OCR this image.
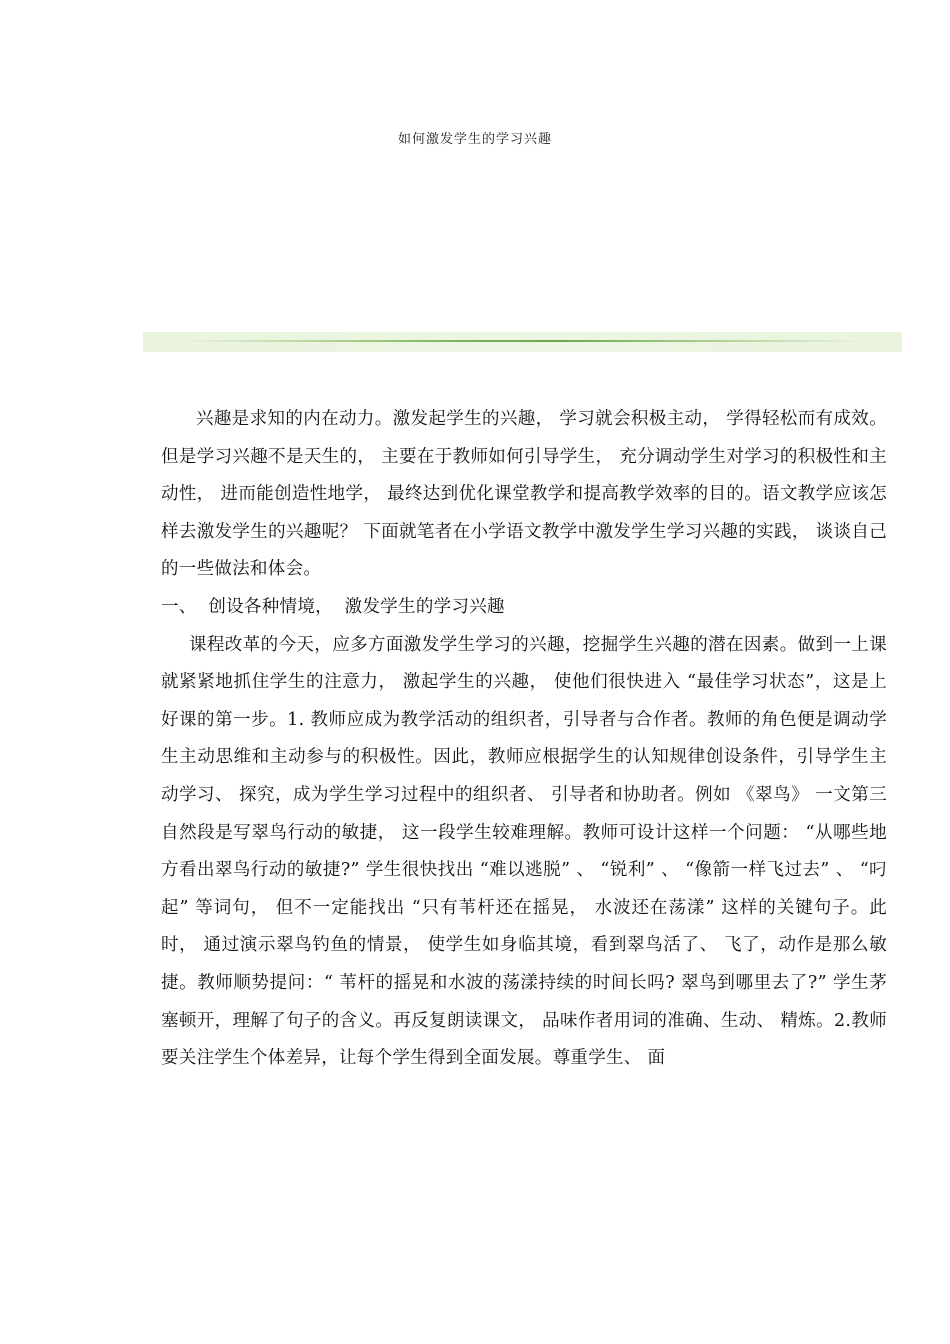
如何激发学生的学习兴趣

兴趣是求知的内在动力。激发起学生的兴趣， 学习就会积极主动， 学得轻松而有成效。但是学习兴趣不是天生的， 主要在于教师如何引导学生， 充分调动学生对学习的积极性和主动性， 进而能创造性地学， 最终达到优化课堂教学和提高教学效率的目的。语文教学应该怎样去激发学生的兴趣呢？ 下面就笔者在小学语文教学中激发学生学习兴趣的实践， 谈谈自己的一些做法和体会。

一、  创设各种情境，  激发学生的学习兴趣

课程改革的今天，应多方面激发学生学习的兴趣，挖掘学生兴趣的潜在因素。做到一上课就紧紧地抓住学生的注意力， 激起学生的兴趣， 使他们很快进入 “最佳学习状态”，这是上好课的第一步。1. 教师应成为教学活动的组织者，引导者与合作者。教师的角色便是调动学生主动思维和主动参与的积极性。因此，教师应根据学生的认知规律创设条件，引导学生主动学习、 探究，成为学生学习过程中的组织者、 引导者和协助者。例如 《翠鸟》 一文第三自然段是写翠鸟行动的敏捷， 这一段学生较难理解。教师可设计这样一个问题： “从哪些地方看出翠鸟行动的敏捷?” 学生很快找出 “难以逃脱” 、 “锐利” 、 “像箭一样飞过去” 、 “叼起” 等词句， 但不一定能找出 “只有苇杆还在摇晃， 水波还在荡漾” 这样的关键句子。此时， 通过演示翠鸟钓鱼的情景， 使学生如身临其境，看到翠鸟活了、 飞了，动作是那么敏捷。教师顺势提问：“ 苇杆的摇晃和水波的荡漾持续的时间长吗? 翠鸟到哪里去了?” 学生茅塞顿开，理解了句子的含义。再反复朗读课文， 品味作者用词的准确、生动、 精炼。2.教师要关注学生个体差异，让每个学生得到全面发展。尊重学生、 面
